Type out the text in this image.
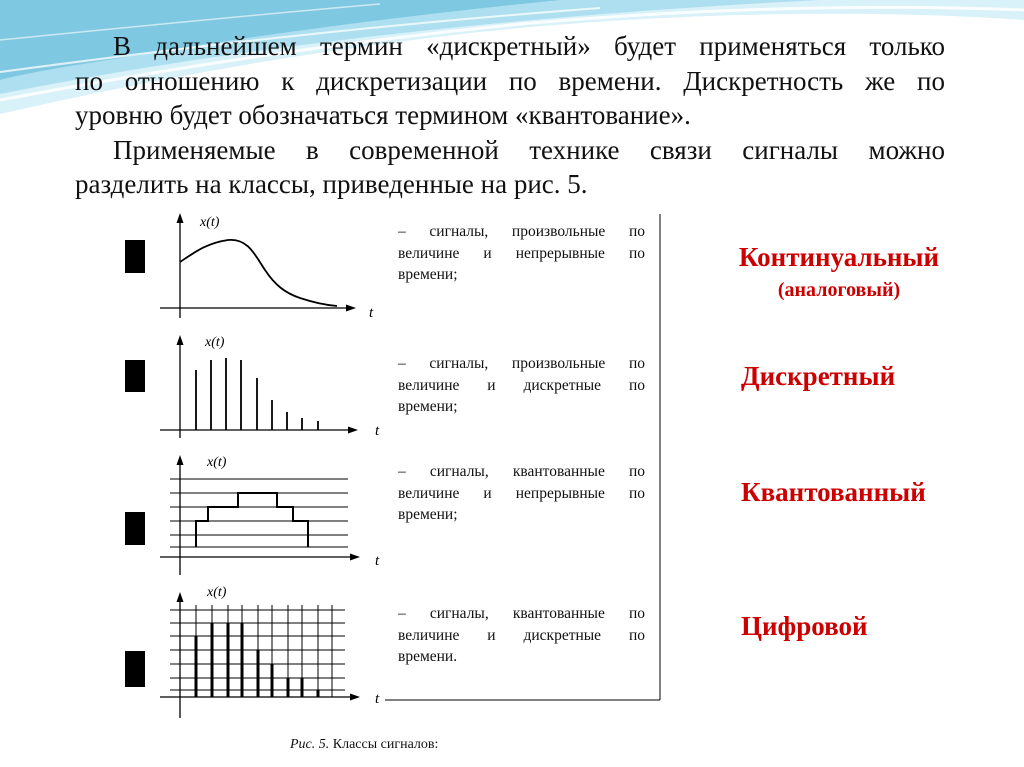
x(t)
t
x(t)
t
x(t)
t
x(t)
t
В дальнейшем термин «дискретный» будет применяться только
по отношению к дискретизации по времени. Дискретность же по
уровню будет обозначаться термином «квантование».
Применяемые в современной технике связи сигналы можно
разделить на классы, приведенные на рис. 5.
– сигналы, произвольные по
величине и непрерывные по
времени;
– сигналы, произвольные по
величине и дискретные по
времени;
– сигналы, квантованные по
величине и непрерывные по
времени;
– сигналы, квантованные по
величине и дискретные по
времени.
Континуальный
(аналоговый)
Дискретный
Квантованный
Цифровой
Рис. 5. Классы сигналов:
